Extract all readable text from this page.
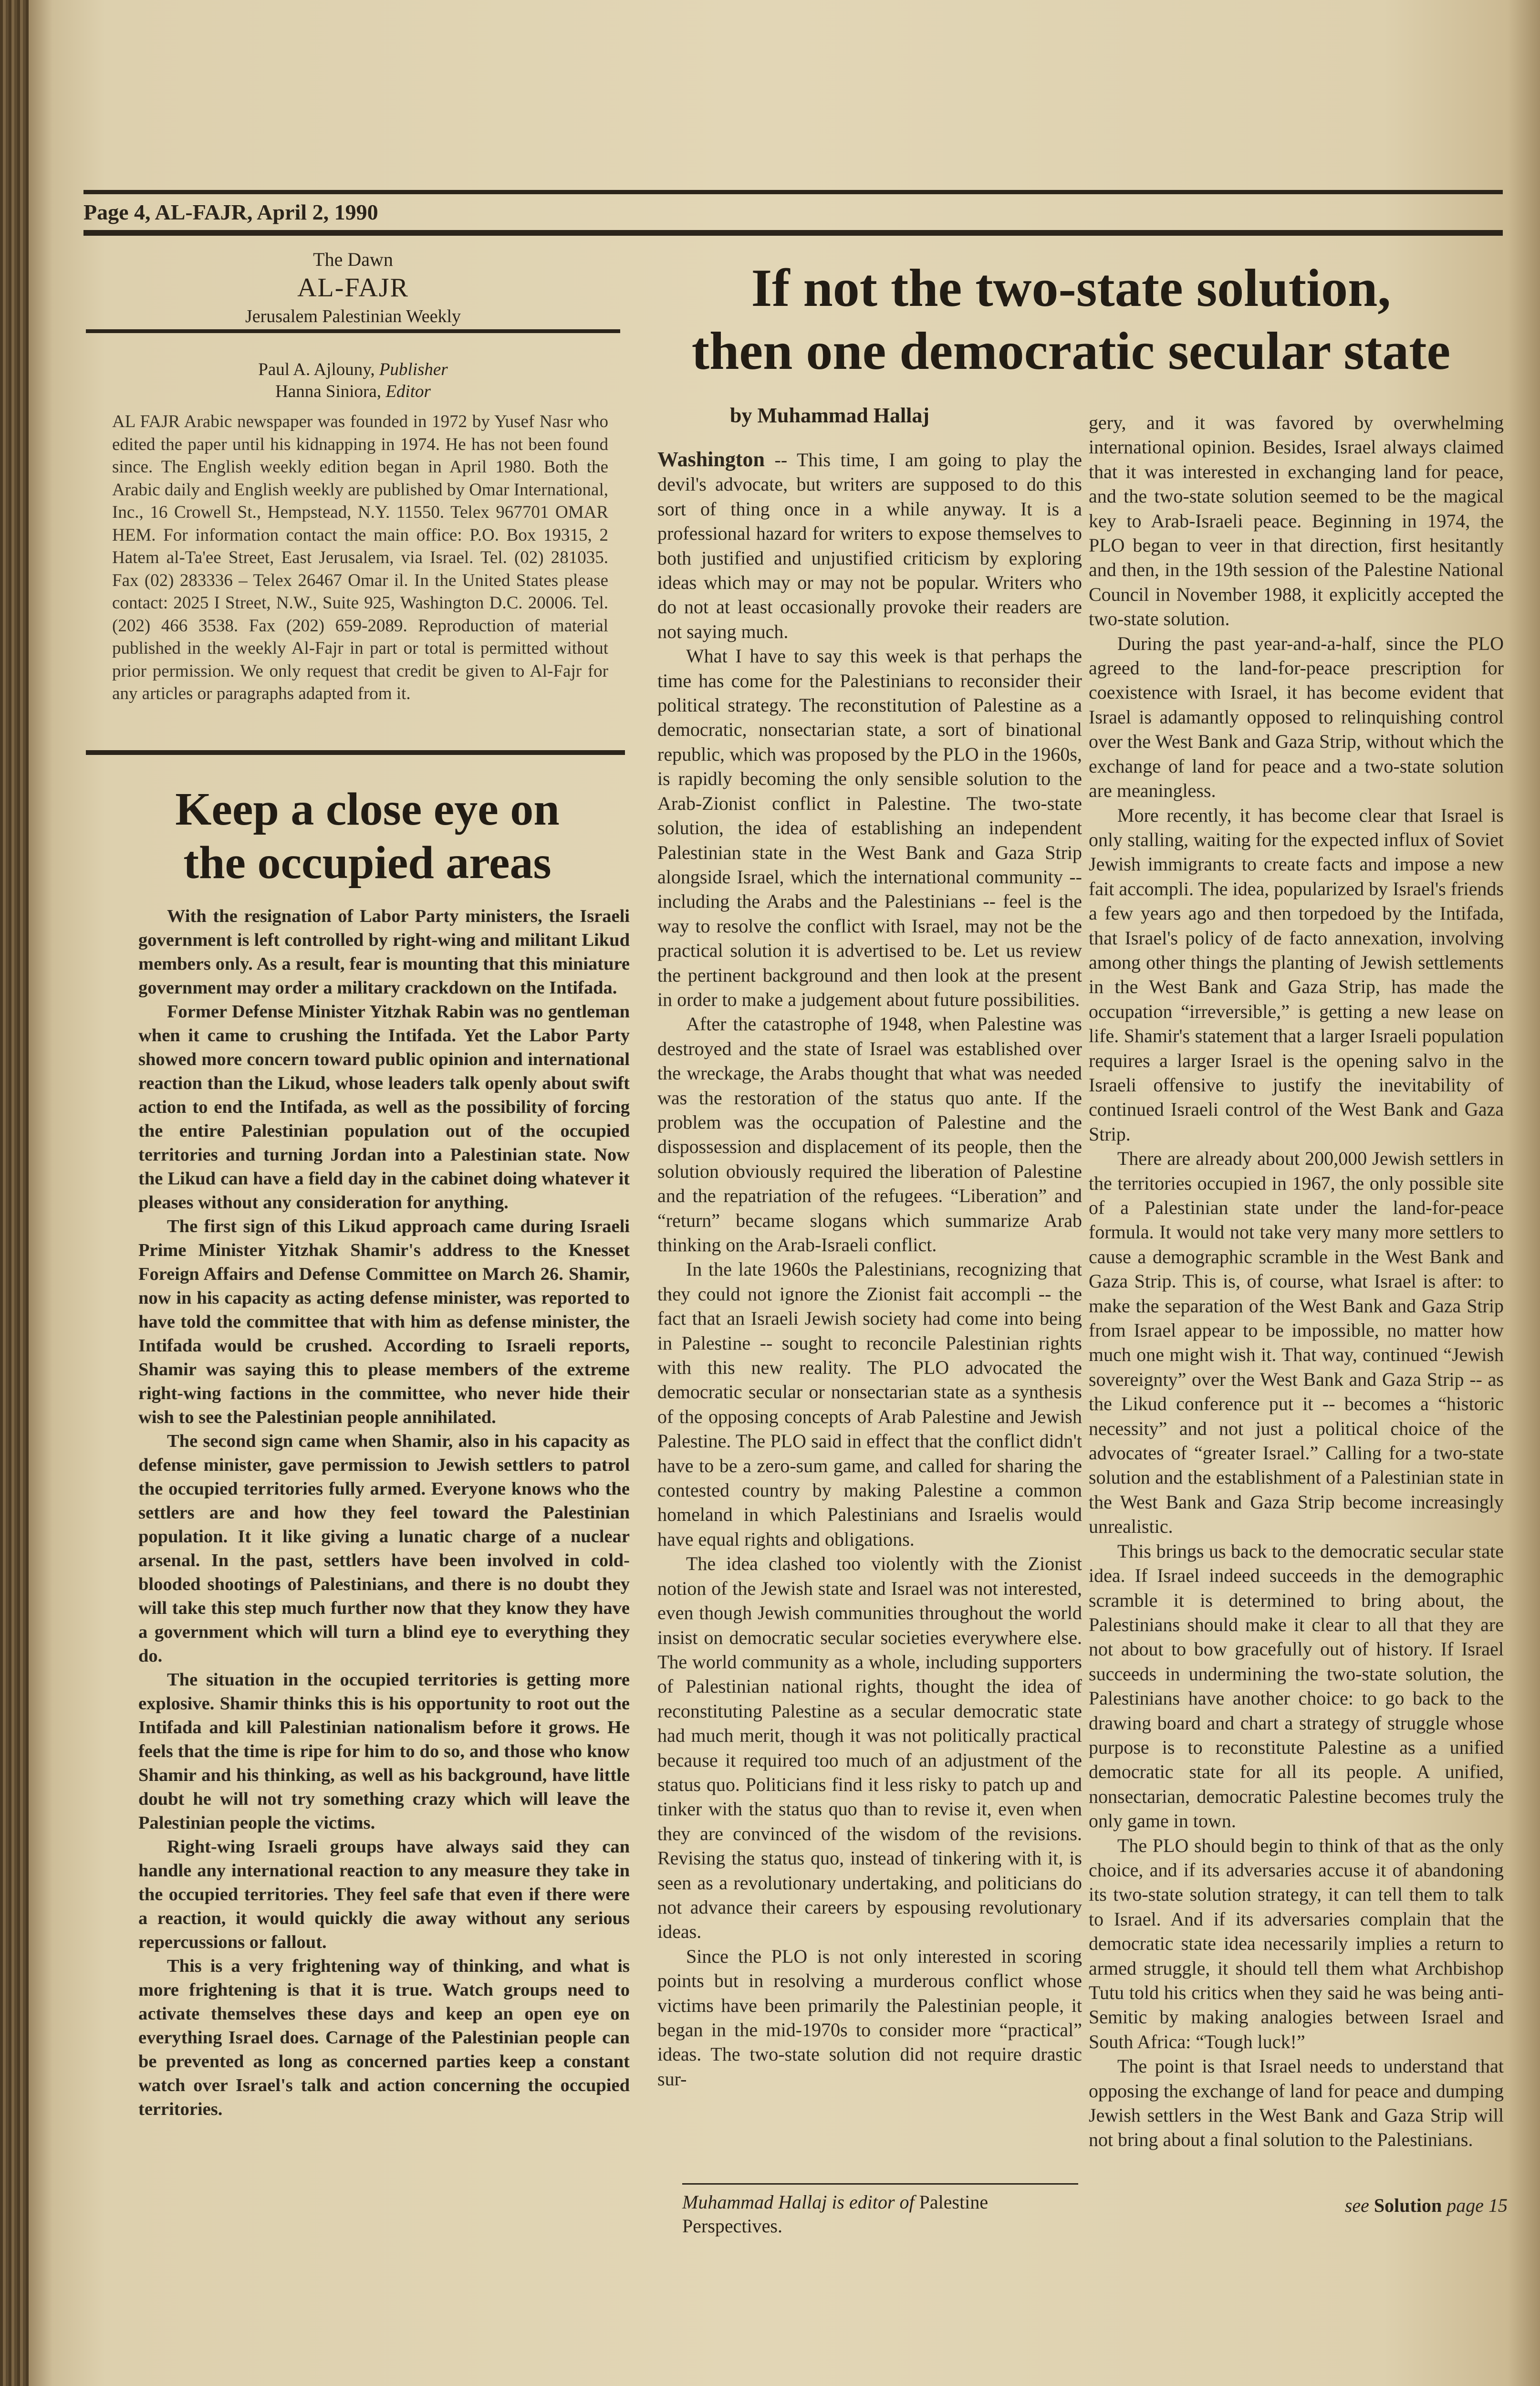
Page 4, AL-FAJR, April 2, 1990
The Dawn
AL-FAJR
Jerusalem Palestinian Weekly
Paul A. Ajlouny, Publisher
Hanna Siniora, Editor
AL FAJR Arabic newspaper was founded in 1972 by Yusef Nasr who edited the paper until his kidnapping in 1974. He has not been found since. The English weekly edition began in April 1980. Both the Arabic daily and English weekly are published by Omar International, Inc., 16 Crowell St., Hempstead, N.Y. 11550. Telex 967701 OMAR HEM. For information contact the main office: P.O. Box 19315, 2 Hatem al-Ta'ee Street, East Jerusalem, via Israel. Tel. (02) 281035. Fax (02) 283336 – Telex 26467 Omar il. In the United States please contact: 2025 I Street, N.W., Suite 925, Washington D.C. 20006. Tel. (202) 466 3538. Fax (202) 659-2089. Reproduction of material published in the weekly Al-Fajr in part or total is permitted without prior permission. We only request that credit be given to Al-Fajr for any articles or paragraphs adapted from it.
Keep a close eye on
the occupied areas

With the resignation of Labor Party ministers, the Israeli government is left controlled by right-wing and militant Likud members only. As a result, fear is mounting that this miniature government may order a military crackdown on the Intifada.

Former Defense Minister Yitzhak Rabin was no gentleman when it came to crushing the Intifada. Yet the Labor Party showed more concern toward public opinion and international reaction than the Likud, whose leaders talk openly about swift action to end the Intifada, as well as the possibility of forcing the entire Palestinian population out of the occupied territories and turning Jordan into a Palestinian state. Now the Likud can have a field day in the cabinet doing whatever it pleases without any consideration for anything.

The first sign of this Likud approach came during Israeli Prime Minister Yitzhak Shamir's address to the Knesset Foreign Affairs and Defense Committee on March 26. Shamir, now in his capacity as acting defense minister, was reported to have told the committee that with him as defense minister, the Intifada would be crushed. According to Israeli reports, Shamir was saying this to please members of the extreme right-wing factions in the committee, who never hide their wish to see the Palestinian people annihilated.

The second sign came when Shamir, also in his capacity as defense minister, gave permission to Jewish settlers to patrol the occupied territories fully armed. Everyone knows who the settlers are and how they feel toward the Palestinian population. It it like giving a lunatic charge of a nuclear arsenal. In the past, settlers have been involved in cold-blooded shootings of Palestinians, and there is no doubt they will take this step much further now that they know they have a government which will turn a blind eye to everything they do.

The situation in the occupied territories is getting more explosive. Shamir thinks this is his opportunity to root out the Intifada and kill Palestinian nationalism before it grows. He feels that the time is ripe for him to do so, and those who know Shamir and his thinking, as well as his background, have little doubt he will not try something crazy which will leave the Palestinian people the victims.

Right-wing Israeli groups have always said they can handle any international reaction to any measure they take in the occupied territories. They feel safe that even if there were a reaction, it would quickly die away without any serious repercussions or fallout.

This is a very frightening way of thinking, and what is more frightening is that it is true. Watch groups need to activate themselves these days and keep an open eye on everything Israel does. Carnage of the Palestinian people can be prevented as long as concerned parties keep a constant watch over Israel's talk and action concerning the occupied territories.

If not the two-state solution,
then one democratic secular state
by Muhammad Hallaj

Washington -- This time, I am going to play the devil's advocate, but writers are supposed to do this sort of thing once in a while anyway. It is a professional hazard for writers to expose themselves to both justified and unjustified criticism by exploring ideas which may or may not be popular. Writers who do not at least occasionally provoke their readers are not saying much.

What I have to say this week is that perhaps the time has come for the Palestinians to reconsider their political strategy. The reconstitution of Palestine as a democratic, nonsectarian state, a sort of binational republic, which was proposed by the PLO in the 1960s, is rapidly becoming the only sensible solution to the Arab-Zionist conflict in Palestine. The two-state solution, the idea of establishing an independent Palestinian state in the West Bank and Gaza Strip alongside Israel, which the international community -- including the Arabs and the Palestinians -- feel is the way to resolve the conflict with Israel, may not be the practical solution it is advertised to be. Let us review the pertinent background and then look at the present in order to make a judgement about future possibilities.

After the catastrophe of 1948, when Palestine was destroyed and the state of Israel was established over the wreckage, the Arabs thought that what was needed was the restoration of the status quo ante. If the problem was the occupation of Palestine and the dispossession and displacement of its people, then the solution obviously required the liberation of Palestine and the repatriation of the refugees. “Liberation” and “return” became slogans which summarize Arab thinking on the Arab-Israeli conflict.

In the late 1960s the Palestinians, recognizing that they could not ignore the Zionist fait accompli -- the fact that an Israeli Jewish society had come into being in Palestine -- sought to reconcile Palestinian rights with this new reality. The PLO advocated the democratic secular or nonsectarian state as a synthesis of the opposing concepts of Arab Palestine and Jewish Palestine. The PLO said in effect that the conflict didn't have to be a zero-sum game, and called for sharing the contested country by making Palestine a common homeland in which Palestinians and Israelis would have equal rights and obligations.

The idea clashed too violently with the Zionist notion of the Jewish state and Israel was not interested, even though Jewish communities throughout the world insist on democratic secular societies everywhere else. The world community as a whole, including supporters of Palestinian national rights, thought the idea of reconstituting Palestine as a secular democratic state had much merit, though it was not politically practical because it required too much of an adjustment of the status quo. Politicians find it less risky to patch up and tinker with the status quo than to revise it, even when they are convinced of the wisdom of the revisions. Revising the status quo, instead of tinkering with it, is seen as a revolutionary undertaking, and politicians do not advance their careers by espousing revolutionary ideas.

Since the PLO is not only interested in scoring points but in resolving a murderous conflict whose victims have been primarily the Palestinian people, it began in the mid-1970s to consider more “practical” ideas. The two-state solution did not require drastic sur-

gery, and it was favored by overwhelming international opinion. Besides, Israel always claimed that it was interested in exchanging land for peace, and the two-state solution seemed to be the magical key to Arab-Israeli peace. Beginning in 1974, the PLO began to veer in that direction, first hesitantly and then, in the 19th session of the Palestine National Council in November 1988, it explicitly accepted the two-state solution.

During the past year-and-a-half, since the PLO agreed to the land-for-peace prescription for coexistence with Israel, it has become evident that Israel is adamantly opposed to relinquishing control over the West Bank and Gaza Strip, without which the exchange of land for peace and a two-state solution are meaningless.

More recently, it has become clear that Israel is only stalling, waiting for the expected influx of Soviet Jewish immigrants to create facts and impose a new fait accompli. The idea, popularized by Israel's friends a few years ago and then torpedoed by the Intifada, that Israel's policy of de facto annexation, involving among other things the planting of Jewish settlements in the West Bank and Gaza Strip, has made the occupation “irreversible,” is getting a new lease on life. Shamir's statement that a larger Israeli population requires a larger Israel is the opening salvo in the Israeli offensive to justify the inevitability of continued Israeli control of the West Bank and Gaza Strip.

There are already about 200,000 Jewish settlers in the territories occupied in 1967, the only possible site of a Palestinian state under the land-for-peace formula. It would not take very many more settlers to cause a demographic scramble in the West Bank and Gaza Strip. This is, of course, what Israel is after: to make the separation of the West Bank and Gaza Strip from Israel appear to be impossible, no matter how much one might wish it. That way, continued “Jewish sovereignty” over the West Bank and Gaza Strip -- as the Likud conference put it -- becomes a “historic necessity” and not just a political choice of the advocates of “greater Israel.” Calling for a two-state solution and the establishment of a Palestinian state in the West Bank and Gaza Strip become increasingly unrealistic.

This brings us back to the democratic secular state idea. If Israel indeed succeeds in the demographic scramble it is determined to bring about, the Palestinians should make it clear to all that they are not about to bow gracefully out of history. If Israel succeeds in undermining the two-state solution, the Palestinians have another choice: to go back to the drawing board and chart a strategy of struggle whose purpose is to reconstitute Palestine as a unified democratic state for all its people. A unified, nonsectarian, democratic Palestine becomes truly the only game in town.

The PLO should begin to think of that as the only choice, and if its adversaries accuse it of abandoning its two-state solution strategy, it can tell them to talk to Israel. And if its adversaries complain that the democratic state idea necessarily implies a return to armed struggle, it should tell them what Archbishop Tutu told his critics when they said he was being anti-Semitic by making analogies between Israel and South Africa: “Tough luck!”

The point is that Israel needs to understand that opposing the exchange of land for peace and dumping Jewish settlers in the West Bank and Gaza Strip will not bring about a final solution to the Palestinians.

Muhammad Hallaj is editor of Palestine Perspectives.
see Solution page 15
